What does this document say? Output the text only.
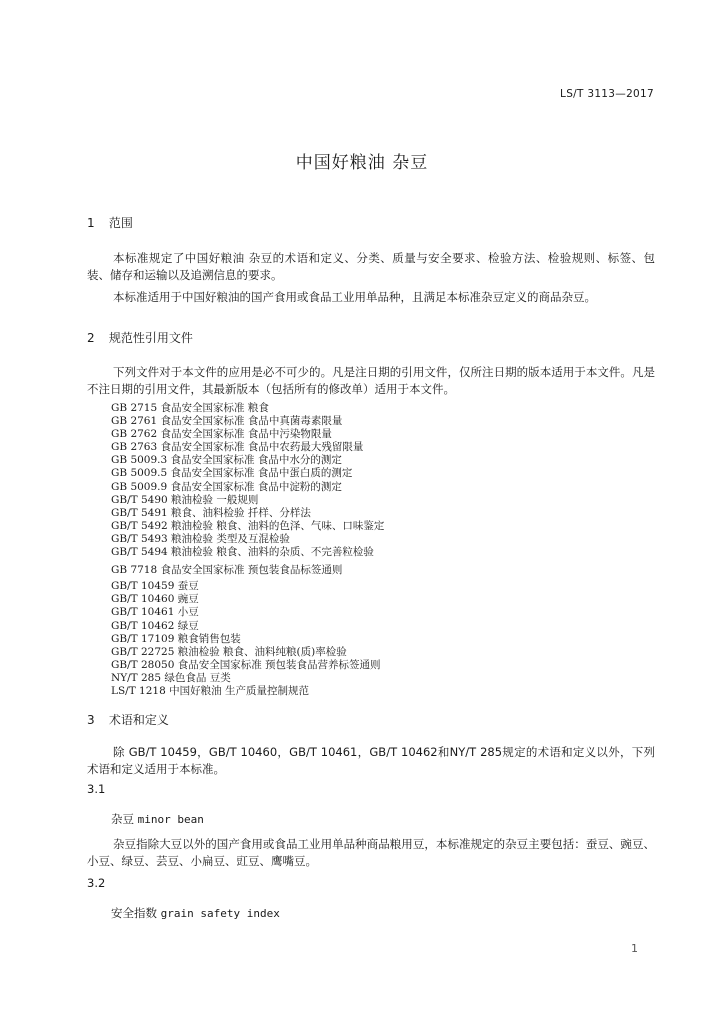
LS/T 3113—2017
中国好粮油 杂豆
1 范围
本标准规定了中国好粮油 杂豆的术语和定义、分类、质量与安全要求、检验方法、检验规则、标签、包装、储存和运输以及追溯信息的要求。
本标准适用于中国好粮油的国产食用或食品工业用单品种，且满足本标准杂豆定义的商品杂豆。
2 规范性引用文件
下列文件对于本文件的应用是必不可少的。凡是注日期的引用文件，仅所注日期的版本适用于本文件。凡是不注日期的引用文件，其最新版本（包括所有的修改单）适用于本文件。
GB 2715 食品安全国家标准 粮食
GB 2761 食品安全国家标准 食品中真菌毒素限量
GB 2762 食品安全国家标准 食品中污染物限量
GB 2763 食品安全国家标准 食品中农药最大残留限量
GB 5009.3 食品安全国家标准 食品中水分的测定
GB 5009.5 食品安全国家标准 食品中蛋白质的测定
GB 5009.9 食品安全国家标准 食品中淀粉的测定
GB/T 5490 粮油检验 一般规则
GB/T 5491 粮食、油料检验 扦样、分样法
GB/T 5492 粮油检验 粮食、油料的色泽、气味、口味鉴定
GB/T 5493 粮油检验 类型及互混检验
GB/T 5494 粮油检验 粮食、油料的杂质、不完善粒检验
GB 7718 食品安全国家标准 预包装食品标签通则
GB/T 10459 蚕豆
GB/T 10460 豌豆
GB/T 10461 小豆
GB/T 10462 绿豆
GB/T 17109 粮食销售包装
GB/T 22725 粮油检验 粮食、油料纯粮(质)率检验
GB/T 28050 食品安全国家标准 预包装食品营养标签通则
NY/T 285 绿色食品 豆类
LS/T 1218 中国好粮油 生产质量控制规范
3 术语和定义
除 GB/T 10459，GB/T 10460，GB/T 10461，GB/T 10462和NY/T 285规定的术语和定义以外，下列术语和定义适用于本标准。
3.1
杂豆 minor bean
杂豆指除大豆以外的国产食用或食品工业用单品种商品粮用豆，本标准规定的杂豆主要包括：蚕豆、豌豆、小豆、绿豆、芸豆、小扁豆、豇豆、鹰嘴豆。
3.2
安全指数 grain safety index
1
